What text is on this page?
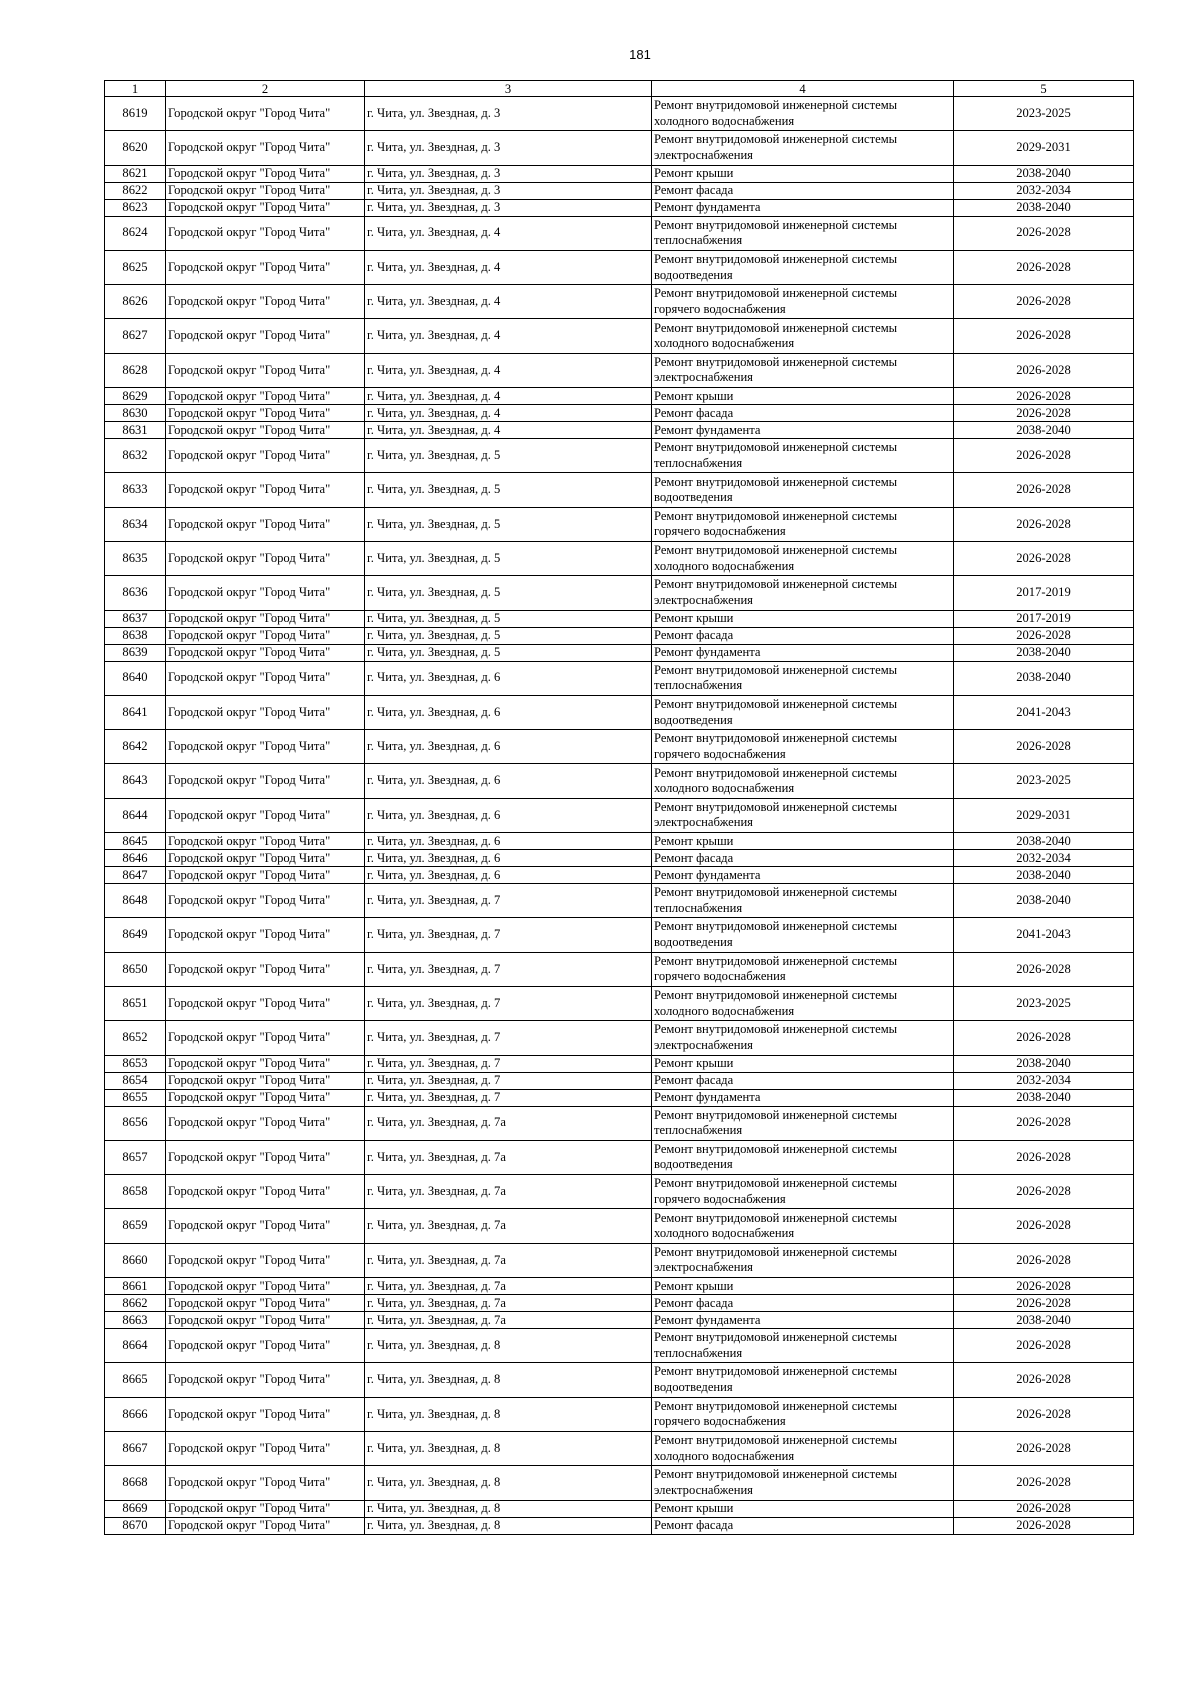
181
1	2	3	4	5
8619	Городской округ "Город Чита"	г. Чита, ул. Звездная, д. 3	Ремонт внутридомовой инженерной системы
холодного водоснабжения	2023-2025
8620	Городской округ "Город Чита"	г. Чита, ул. Звездная, д. 3	Ремонт внутридомовой инженерной системы
электроснабжения	2029-2031
8621	Городской округ "Город Чита"	г. Чита, ул. Звездная, д. 3	Ремонт крыши	2038-2040
8622	Городской округ "Город Чита"	г. Чита, ул. Звездная, д. 3	Ремонт фасада	2032-2034
8623	Городской округ "Город Чита"	г. Чита, ул. Звездная, д. 3	Ремонт фундамента	2038-2040
8624	Городской округ "Город Чита"	г. Чита, ул. Звездная, д. 4	Ремонт внутридомовой инженерной системы
теплоснабжения	2026-2028
8625	Городской округ "Город Чита"	г. Чита, ул. Звездная, д. 4	Ремонт внутридомовой инженерной системы
водоотведения	2026-2028
8626	Городской округ "Город Чита"	г. Чита, ул. Звездная, д. 4	Ремонт внутридомовой инженерной системы
горячего водоснабжения	2026-2028
8627	Городской округ "Город Чита"	г. Чита, ул. Звездная, д. 4	Ремонт внутридомовой инженерной системы
холодного водоснабжения	2026-2028
8628	Городской округ "Город Чита"	г. Чита, ул. Звездная, д. 4	Ремонт внутридомовой инженерной системы
электроснабжения	2026-2028
8629	Городской округ "Город Чита"	г. Чита, ул. Звездная, д. 4	Ремонт крыши	2026-2028
8630	Городской округ "Город Чита"	г. Чита, ул. Звездная, д. 4	Ремонт фасада	2026-2028
8631	Городской округ "Город Чита"	г. Чита, ул. Звездная, д. 4	Ремонт фундамента	2038-2040
8632	Городской округ "Город Чита"	г. Чита, ул. Звездная, д. 5	Ремонт внутридомовой инженерной системы
теплоснабжения	2026-2028
8633	Городской округ "Город Чита"	г. Чита, ул. Звездная, д. 5	Ремонт внутридомовой инженерной системы
водоотведения	2026-2028
8634	Городской округ "Город Чита"	г. Чита, ул. Звездная, д. 5	Ремонт внутридомовой инженерной системы
горячего водоснабжения	2026-2028
8635	Городской округ "Город Чита"	г. Чита, ул. Звездная, д. 5	Ремонт внутридомовой инженерной системы
холодного водоснабжения	2026-2028
8636	Городской округ "Город Чита"	г. Чита, ул. Звездная, д. 5	Ремонт внутридомовой инженерной системы
электроснабжения	2017-2019
8637	Городской округ "Город Чита"	г. Чита, ул. Звездная, д. 5	Ремонт крыши	2017-2019
8638	Городской округ "Город Чита"	г. Чита, ул. Звездная, д. 5	Ремонт фасада	2026-2028
8639	Городской округ "Город Чита"	г. Чита, ул. Звездная, д. 5	Ремонт фундамента	2038-2040
8640	Городской округ "Город Чита"	г. Чита, ул. Звездная, д. 6	Ремонт внутридомовой инженерной системы
теплоснабжения	2038-2040
8641	Городской округ "Город Чита"	г. Чита, ул. Звездная, д. 6	Ремонт внутридомовой инженерной системы
водоотведения	2041-2043
8642	Городской округ "Город Чита"	г. Чита, ул. Звездная, д. 6	Ремонт внутридомовой инженерной системы
горячего водоснабжения	2026-2028
8643	Городской округ "Город Чита"	г. Чита, ул. Звездная, д. 6	Ремонт внутридомовой инженерной системы
холодного водоснабжения	2023-2025
8644	Городской округ "Город Чита"	г. Чита, ул. Звездная, д. 6	Ремонт внутридомовой инженерной системы
электроснабжения	2029-2031
8645	Городской округ "Город Чита"	г. Чита, ул. Звездная, д. 6	Ремонт крыши	2038-2040
8646	Городской округ "Город Чита"	г. Чита, ул. Звездная, д. 6	Ремонт фасада	2032-2034
8647	Городской округ "Город Чита"	г. Чита, ул. Звездная, д. 6	Ремонт фундамента	2038-2040
8648	Городской округ "Город Чита"	г. Чита, ул. Звездная, д. 7	Ремонт внутридомовой инженерной системы
теплоснабжения	2038-2040
8649	Городской округ "Город Чита"	г. Чита, ул. Звездная, д. 7	Ремонт внутридомовой инженерной системы
водоотведения	2041-2043
8650	Городской округ "Город Чита"	г. Чита, ул. Звездная, д. 7	Ремонт внутридомовой инженерной системы
горячего водоснабжения	2026-2028
8651	Городской округ "Город Чита"	г. Чита, ул. Звездная, д. 7	Ремонт внутридомовой инженерной системы
холодного водоснабжения	2023-2025
8652	Городской округ "Город Чита"	г. Чита, ул. Звездная, д. 7	Ремонт внутридомовой инженерной системы
электроснабжения	2026-2028
8653	Городской округ "Город Чита"	г. Чита, ул. Звездная, д. 7	Ремонт крыши	2038-2040
8654	Городской округ "Город Чита"	г. Чита, ул. Звездная, д. 7	Ремонт фасада	2032-2034
8655	Городской округ "Город Чита"	г. Чита, ул. Звездная, д. 7	Ремонт фундамента	2038-2040
8656	Городской округ "Город Чита"	г. Чита, ул. Звездная, д. 7а	Ремонт внутридомовой инженерной системы
теплоснабжения	2026-2028
8657	Городской округ "Город Чита"	г. Чита, ул. Звездная, д. 7а	Ремонт внутридомовой инженерной системы
водоотведения	2026-2028
8658	Городской округ "Город Чита"	г. Чита, ул. Звездная, д. 7а	Ремонт внутридомовой инженерной системы
горячего водоснабжения	2026-2028
8659	Городской округ "Город Чита"	г. Чита, ул. Звездная, д. 7а	Ремонт внутридомовой инженерной системы
холодного водоснабжения	2026-2028
8660	Городской округ "Город Чита"	г. Чита, ул. Звездная, д. 7а	Ремонт внутридомовой инженерной системы
электроснабжения	2026-2028
8661	Городской округ "Город Чита"	г. Чита, ул. Звездная, д. 7а	Ремонт крыши	2026-2028
8662	Городской округ "Город Чита"	г. Чита, ул. Звездная, д. 7а	Ремонт фасада	2026-2028
8663	Городской округ "Город Чита"	г. Чита, ул. Звездная, д. 7а	Ремонт фундамента	2038-2040
8664	Городской округ "Город Чита"	г. Чита, ул. Звездная, д. 8	Ремонт внутридомовой инженерной системы
теплоснабжения	2026-2028
8665	Городской округ "Город Чита"	г. Чита, ул. Звездная, д. 8	Ремонт внутридомовой инженерной системы
водоотведения	2026-2028
8666	Городской округ "Город Чита"	г. Чита, ул. Звездная, д. 8	Ремонт внутридомовой инженерной системы
горячего водоснабжения	2026-2028
8667	Городской округ "Город Чита"	г. Чита, ул. Звездная, д. 8	Ремонт внутридомовой инженерной системы
холодного водоснабжения	2026-2028
8668	Городской округ "Город Чита"	г. Чита, ул. Звездная, д. 8	Ремонт внутридомовой инженерной системы
электроснабжения	2026-2028
8669	Городской округ "Город Чита"	г. Чита, ул. Звездная, д. 8	Ремонт крыши	2026-2028
8670	Городской округ "Город Чита"	г. Чита, ул. Звездная, д. 8	Ремонт фасада	2026-2028
